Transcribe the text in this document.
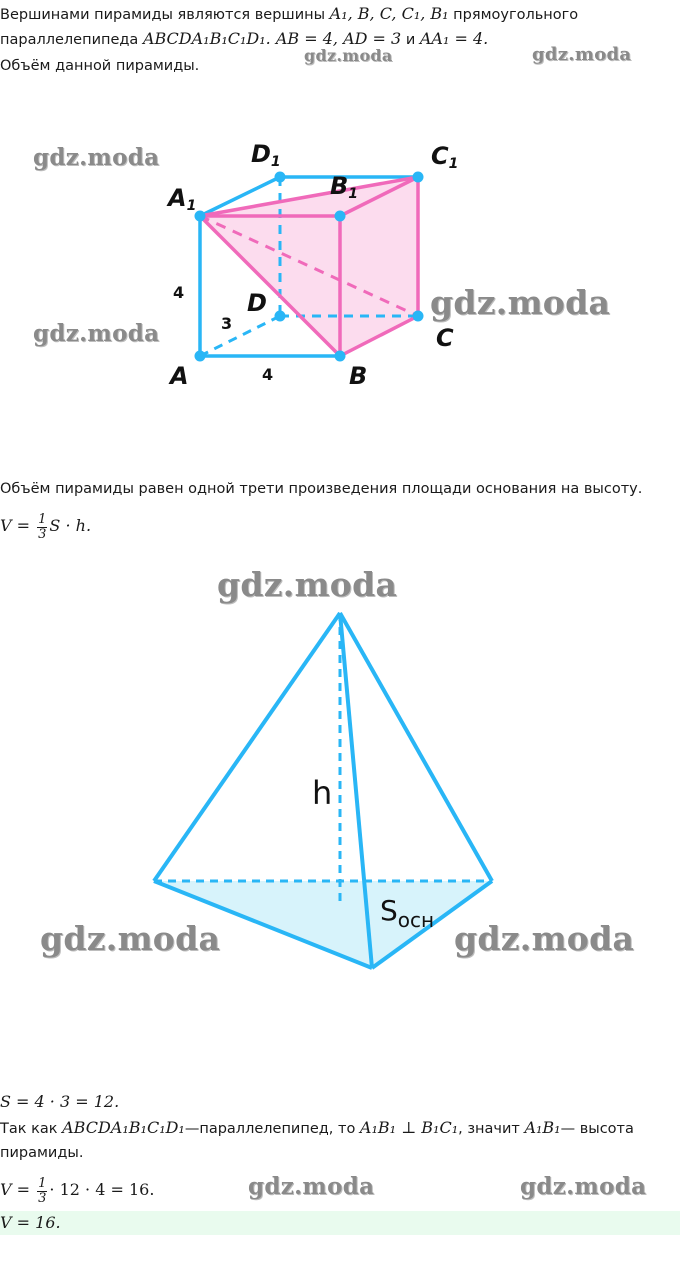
Вершинами пирамиды являются вершины A₁, B, C, C₁, B₁ прямоугольного
параллелепипеда ABCDA₁B₁C₁D₁. AB = 4, AD = 3 и AA₁ = 4.
Объём данной пирамиды.
A1
D1	C1
B1
D
C
B
A
4
3
4
Объём пирамиды равен одной трети произведения площади основания на высоту.
$V = \frac{1}{3}$ S · h.
h
$S_{осн}$
S = 4 · 3 = 12.
Так как ABCDA₁B₁C₁D₁—параллелепипед, то A₁B₁ ⊥ B₁C₁, значит A₁B₁— высота
пирамиды.
$V = \frac{1}{3} \cdot 12 \cdot 4 = 16$.
V = 16.
gdz.moda	gdz.moda
gdz.moda
gdz.moda
gdz.moda
gdz.moda
gdz.moda	gdz.moda
gdz.moda	gdz.moda
